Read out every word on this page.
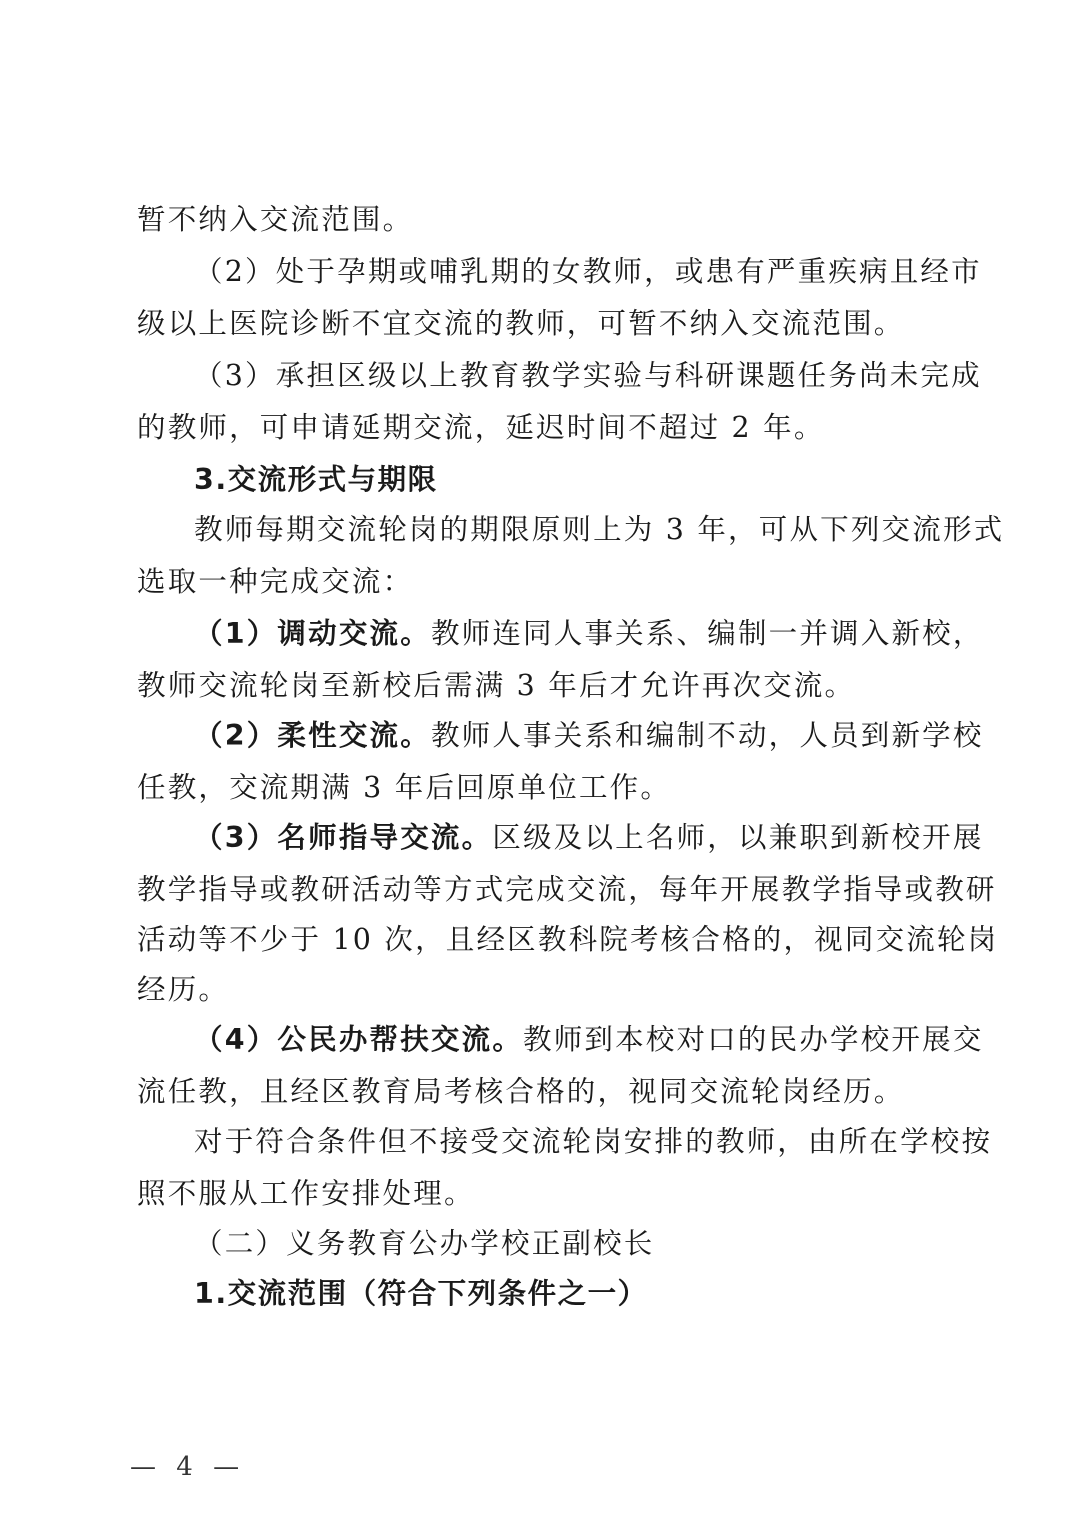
暂不纳入交流范围。
（2）处于孕期或哺乳期的女教师，或患有严重疾病且经市
级以上医院诊断不宜交流的教师，可暂不纳入交流范围。
（3）承担区级以上教育教学实验与科研课题任务尚未完成
的教师，可申请延期交流，延迟时间不超过 2 年。
3.交流形式与期限
教师每期交流轮岗的期限原则上为 3 年，可从下列交流形式
选取一种完成交流：
（1）调动交流。教师连同人事关系、编制一并调入新校，
教师交流轮岗至新校后需满 3 年后才允许再次交流。
（2）柔性交流。教师人事关系和编制不动，人员到新学校
任教，交流期满 3 年后回原单位工作。
（3）名师指导交流。区级及以上名师，以兼职到新校开展
教学指导或教研活动等方式完成交流，每年开展教学指导或教研
活动等不少于 10 次，且经区教科院考核合格的，视同交流轮岗
经历。
（4）公民办帮扶交流。教师到本校对口的民办学校开展交
流任教，且经区教育局考核合格的，视同交流轮岗经历。
对于符合条件但不接受交流轮岗安排的教师，由所在学校按
照不服从工作安排处理。
（二）义务教育公办学校正副校长
1.交流范围（符合下列条件之一）
— 4 —
